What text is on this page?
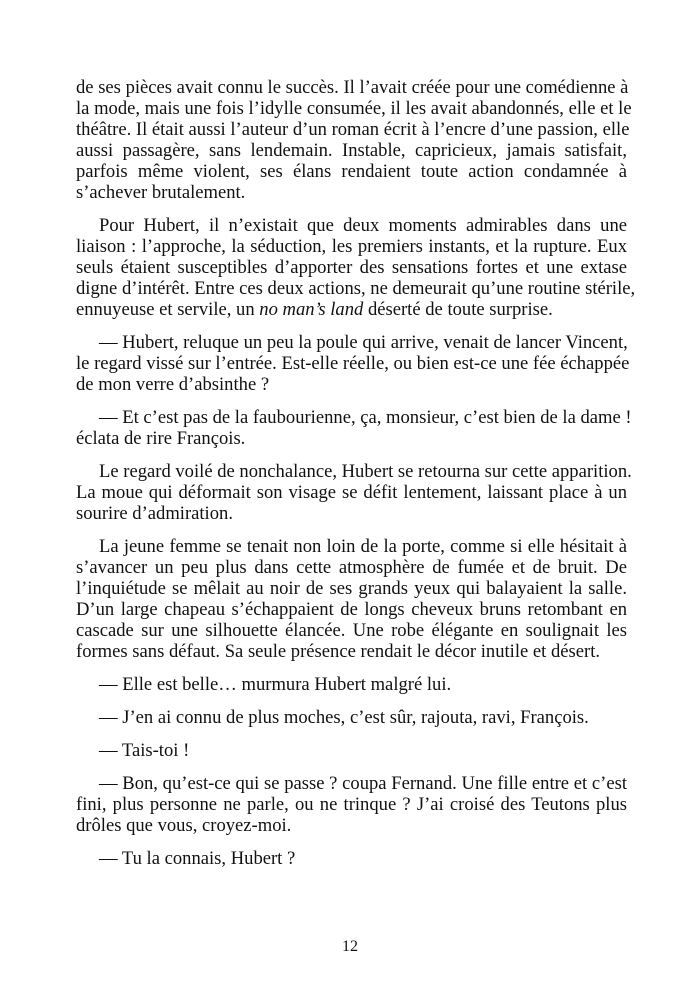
de ses pièces avait connu le succès. Il l’avait créée pour une comédienne à
la mode, mais une fois l’idylle consumée, il les avait abandonnés, elle et le
théâtre. Il était aussi l’auteur d’un roman écrit à l’encre d’une passion, elle
aussi passagère, sans lendemain. Instable, capricieux, jamais satisfait,
parfois même violent, ses élans rendaient toute action condamnée à
s’achever brutalement.
Pour Hubert, il n’existait que deux moments admirables dans une
liaison : l’approche, la séduction, les premiers instants, et la rupture. Eux
seuls étaient susceptibles d’apporter des sensations fortes et une extase
digne d’intérêt. Entre ces deux actions, ne demeurait qu’une routine stérile,
ennuyeuse et servile, un no man’s land déserté de toute surprise.
— Hubert, reluque un peu la poule qui arrive, venait de lancer Vincent,
le regard vissé sur l’entrée. Est-elle réelle, ou bien est-ce une fée échappée
de mon verre d’absinthe ?
— Et c’est pas de la faubourienne, ça, monsieur, c’est bien de la dame !
éclata de rire François.
Le regard voilé de nonchalance, Hubert se retourna sur cette apparition.
La moue qui déformait son visage se défit lentement, laissant place à un
sourire d’admiration.
La jeune femme se tenait non loin de la porte, comme si elle hésitait à
s’avancer un peu plus dans cette atmosphère de fumée et de bruit. De
l’inquiétude se mêlait au noir de ses grands yeux qui balayaient la salle.
D’un large chapeau s’échappaient de longs cheveux bruns retombant en
cascade sur une silhouette élancée. Une robe élégante en soulignait les
formes sans défaut. Sa seule présence rendait le décor inutile et désert.
— Elle est belle… murmura Hubert malgré lui.
— J’en ai connu de plus moches, c’est sûr, rajouta, ravi, François.
— Tais-toi !
— Bon, qu’est-ce qui se passe ? coupa Fernand. Une fille entre et c’est
fini, plus personne ne parle, ou ne trinque ? J’ai croisé des Teutons plus
drôles que vous, croyez-moi.
— Tu la connais, Hubert ?
12
